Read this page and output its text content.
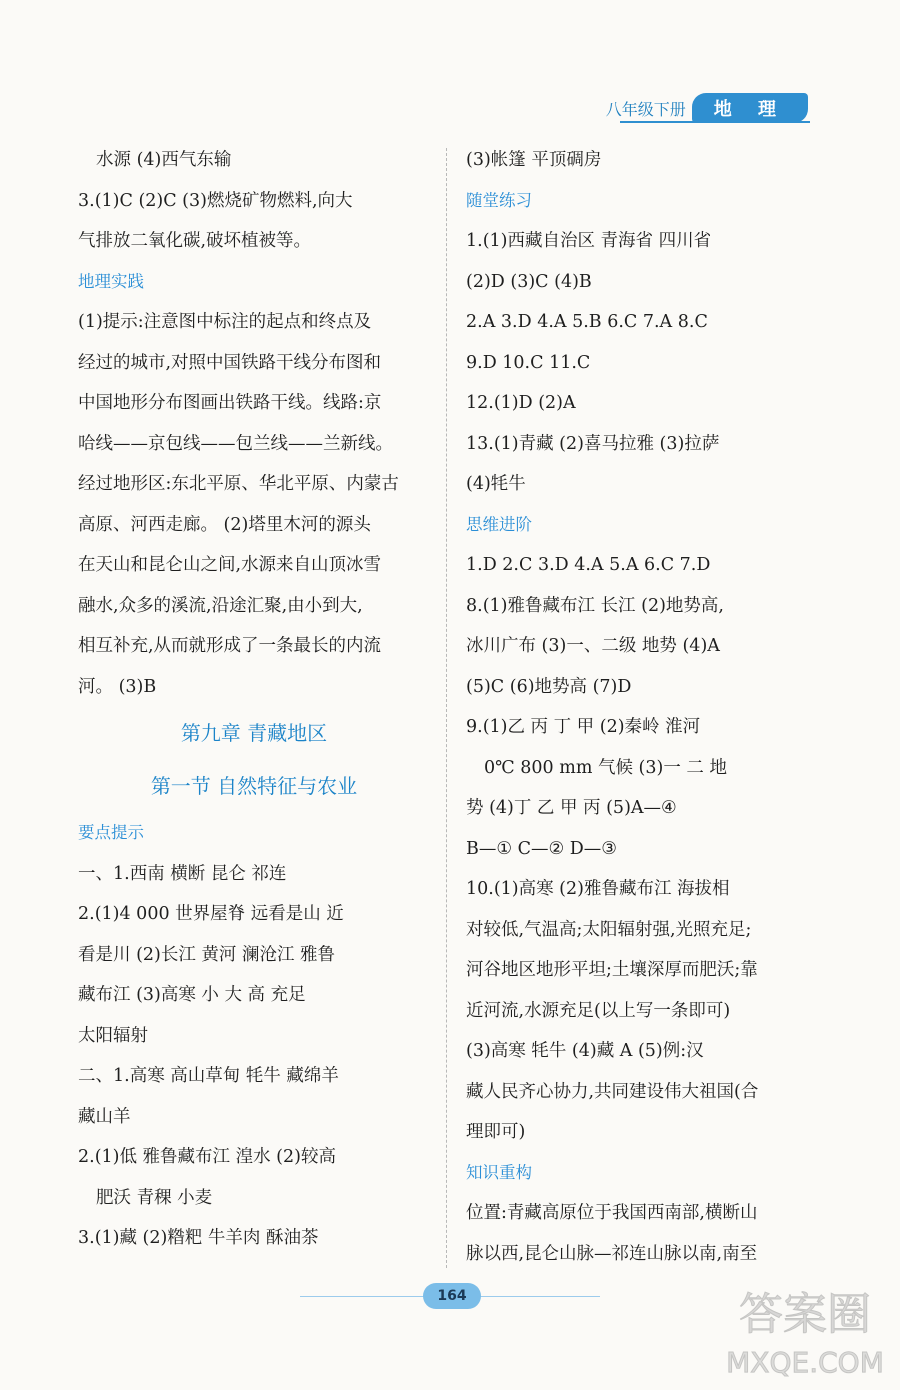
八年级下册	地 理
水源 (4)西气东输
3.(1)C (2)C (3)燃烧矿物燃料,向大
气排放二氧化碳,破坏植被等。
地理实践
(1)提示:注意图中标注的起点和终点及
经过的城市,对照中国铁路干线分布图和
中国地形分布图画出铁路干线。线路:京
哈线——京包线——包兰线——兰新线。
经过地形区:东北平原、华北平原、内蒙古
高原、河西走廊。 (2)塔里木河的源头
在天山和昆仑山之间,水源来自山顶冰雪
融水,众多的溪流,沿途汇聚,由小到大,
相互补充,从而就形成了一条最长的内流
河。 (3)B
第九章 青藏地区
第一节 自然特征与农业
要点提示
一、1.西南 横断 昆仑 祁连
2.(1)4 000 世界屋脊 远看是山 近
看是川 (2)长江 黄河 澜沧江 雅鲁
藏布江 (3)高寒 小 大 高 充足
太阳辐射
二、1.高寒 高山草甸 牦牛 藏绵羊
藏山羊
2.(1)低 雅鲁藏布江 湟水 (2)较高
肥沃 青稞 小麦
3.(1)藏 (2)糌粑 牛羊肉 酥油茶
(3)帐篷 平顶碉房
随堂练习
1.(1)西藏自治区 青海省 四川省
(2)D (3)C (4)B
2.A 3.D 4.A 5.B 6.C 7.A 8.C
9.D 10.C 11.C
12.(1)D (2)A
13.(1)青藏 (2)喜马拉雅 (3)拉萨
(4)牦牛
思维进阶
1.D 2.C 3.D 4.A 5.A 6.C 7.D
8.(1)雅鲁藏布江 长江 (2)地势高,
冰川广布 (3)一、二级 地势 (4)A
(5)C (6)地势高 (7)D
9.(1)乙 丙 丁 甲 (2)秦岭 淮河
0℃ 800 mm 气候 (3)一 二 地
势 (4)丁 乙 甲 丙 (5)A—④
B—① C—② D—③
10.(1)高寒 (2)雅鲁藏布江 海拔相
对较低,气温高;太阳辐射强,光照充足;
河谷地区地形平坦;土壤深厚而肥沃;靠
近河流,水源充足(以上写一条即可)
(3)高寒 牦牛 (4)藏 A (5)例:汉
藏人民齐心协力,共同建设伟大祖国(合
理即可)
知识重构
位置:青藏高原位于我国西南部,横断山
脉以西,昆仑山脉—祁连山脉以南,南至
164	答案圈
MXQE.COM
